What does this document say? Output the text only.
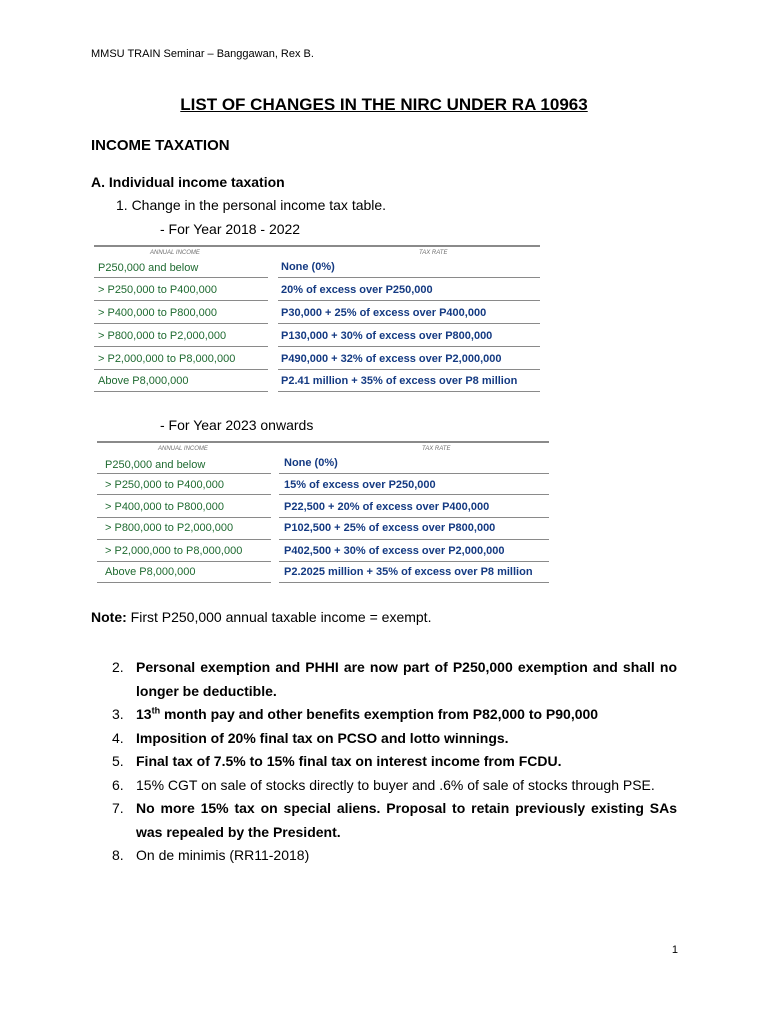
MMSU TRAIN Seminar – Banggawan, Rex B.
LIST OF CHANGES IN THE NIRC UNDER RA 10963
INCOME TAXATION
A. Individual income taxation
1. Change in the personal income tax table.
- For Year 2018 - 2022
ANNUAL INCOME	TAX RATE
P250,000 and below	None (0%)
> P250,000 to P400,000	20% of excess over P250,000
> P400,000 to P800,000	P30,000 + 25% of excess over P400,000
> P800,000 to P2,000,000	P130,000 + 30% of excess over P800,000
> P2,000,000 to P8,000,000	P490,000 + 32% of excess over P2,000,000
Above P8,000,000	P2.41 million + 35% of excess over P8 million
- For Year 2023 onwards
ANNUAL INCOME	TAX RATE
P250,000 and below	None (0%)
> P250,000 to P400,000	15% of excess over P250,000
> P400,000 to P800,000	P22,500 + 20% of excess over P400,000
> P800,000 to P2,000,000	P102,500 + 25% of excess over P800,000
> P2,000,000 to P8,000,000	P402,500 + 30% of excess over P2,000,000
Above P8,000,000	P2.2025 million + 35% of excess over P8 million
Note: First P250,000 annual taxable income = exempt.
2. Personal exemption and PHHI are now part of P250,000 exemption and shall no longer be deductible.
3. 13th month pay and other benefits exemption from P82,000 to P90,000
4. Imposition of 20% final tax on PCSO and lotto winnings.
5. Final tax of 7.5% to 15% final tax on interest income from FCDU.
6. 15% CGT on sale of stocks directly to buyer and .6% of sale of stocks through PSE.
7. No more 15% tax on special aliens. Proposal to retain previously existing SAs was repealed by the President.
8. On de minimis (RR11-2018)
1
